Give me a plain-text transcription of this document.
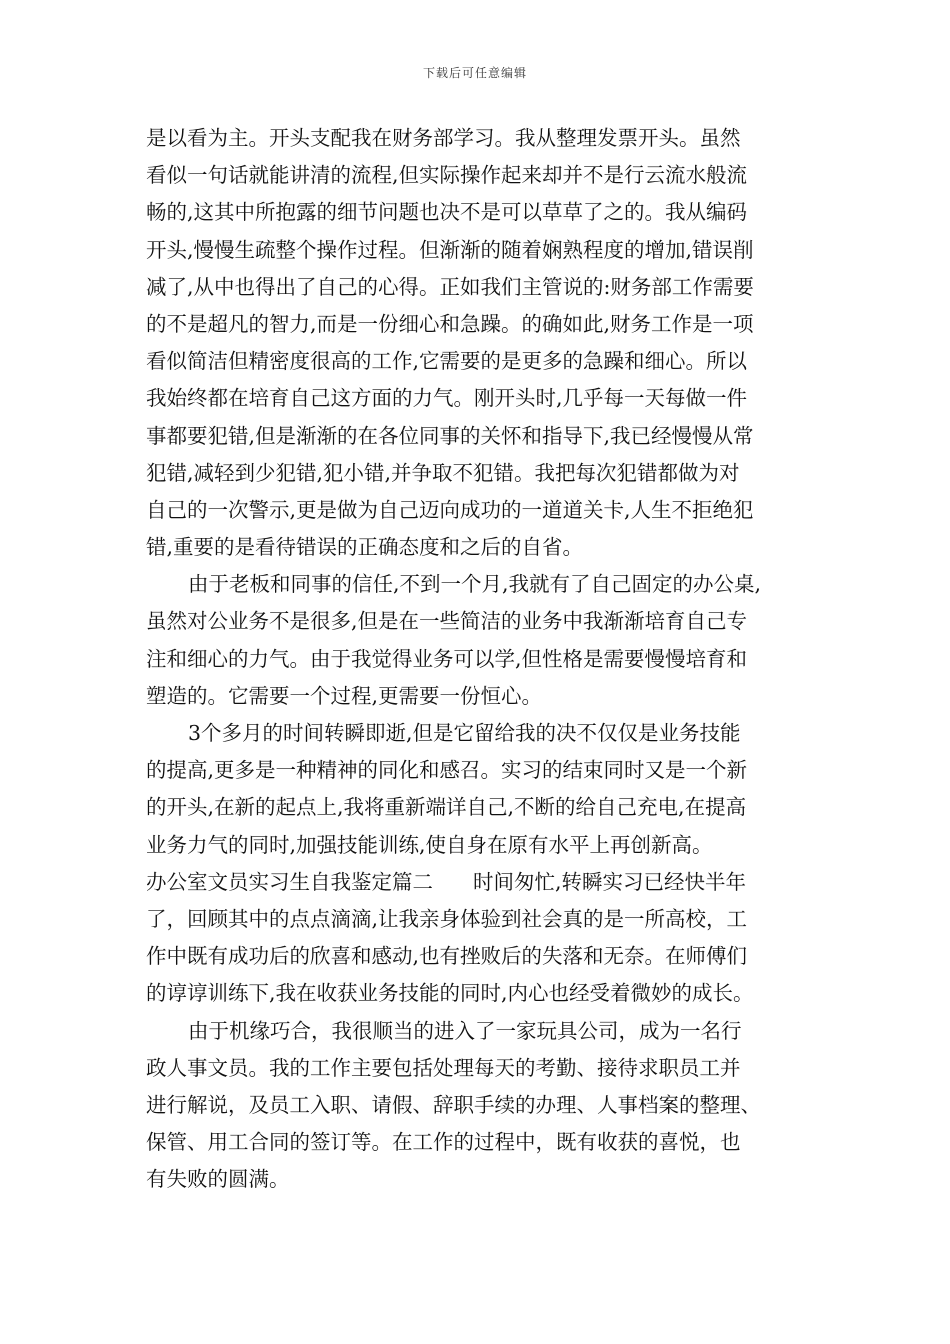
下载后可任意编辑
是以看为主。开头支配我在财务部学习。我从整理发票开头。虽然
看似一句话就能讲清的流程,但实际操作起来却并不是行云流水般流
畅的,这其中所抱露的细节问题也决不是可以草草了之的。我从编码
开头,慢慢生疏整个操作过程。但渐渐的随着娴熟程度的增加,错误削
减了,从中也得出了自己的心得。正如我们主管说的:财务部工作需要
的不是超凡的智力,而是一份细心和急躁。的确如此,财务工作是一项
看似简洁但精密度很高的工作,它需要的是更多的急躁和细心。所以
我始终都在培育自己这方面的力气。刚开头时,几乎每一天每做一件
事都要犯错,但是渐渐的在各位同事的关怀和指导下,我已经慢慢从常
犯错,减轻到少犯错,犯小错,并争取不犯错。我把每次犯错都做为对
自己的一次警示,更是做为自己迈向成功的一道道关卡,人生不拒绝犯
错,重要的是看待错误的正确态度和之后的自省。
由于老板和同事的信任,不到一个月,我就有了自己固定的办公桌,
虽然对公业务不是很多,但是在一些简洁的业务中我渐渐培育自己专
注和细心的力气。由于我觉得业务可以学,但性格是需要慢慢培育和
塑造的。它需要一个过程,更需要一份恒心。
3个多月的时间转瞬即逝,但是它留给我的决不仅仅是业务技能
的提高,更多是一种精神的同化和感召。实习的结束同时又是一个新
的开头,在新的起点上,我将重新端详自己,不断的给自己充电,在提高
业务力气的同时,加强技能训练,使自身在原有水平上再创新高。
办公室文员实习生自我鉴定篇二 时间匆忙,转瞬实习已经快半年
了，回顾其中的点点滴滴,让我亲身体验到社会真的是一所高校，工
作中既有成功后的欣喜和感动,也有挫败后的失落和无奈。在师傅们
的谆谆训练下,我在收获业务技能的同时,内心也经受着微妙的成长。
由于机缘巧合，我很顺当的进入了一家玩具公司，成为一名行
政人事文员。我的工作主要包括处理每天的考勤、接待求职员工并
进行解说，及员工入职、请假、辞职手续的办理、人事档案的整理、
保管、用工合同的签订等。在工作的过程中，既有收获的喜悦，也
有失败的圆满。
